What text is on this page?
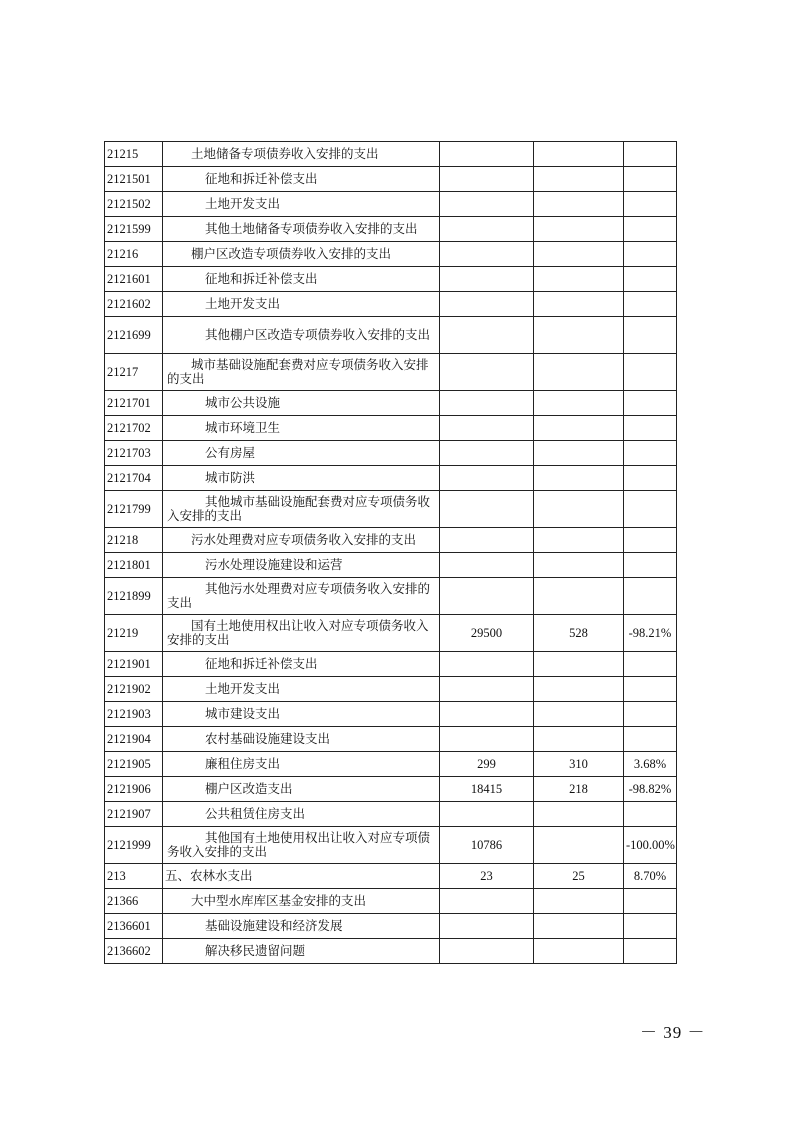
21215	土地储备专项债券收入安排的支出			

2121501	征地和拆迁补偿支出			

2121502	土地开发支出			

2121599	其他土地储备专项债券收入安排的支出			

21216	棚户区改造专项债券收入安排的支出			

2121601	征地和拆迁补偿支出			

2121602	土地开发支出			

2121699	其他棚户区改造专项债券收入安排的支出			

21217	城市基础设施配套费对应专项债务收入安排的支出			

2121701	城市公共设施			

2121702	城市环境卫生			

2121703	公有房屋			

2121704	城市防洪			

2121799	其他城市基础设施配套费对应专项债务收入安排的支出			

21218	污水处理费对应专项债务收入安排的支出			

2121801	污水处理设施建设和运营			

2121899	其他污水处理费对应专项债务收入安排的支出			

21219	国有土地使用权出让收入对应专项债务收入安排的支出	29500	528	-98.21%
2121901	征地和拆迁补偿支出			

2121902	土地开发支出			

2121903	城市建设支出			

2121904	农村基础设施建设支出			

2121905	廉租住房支出	299	310	3.68%
2121906	棚户区改造支出	18415	218	-98.82%
2121907	公共租赁住房支出			

2121999	其他国有土地使用权出让收入对应专项债务收入安排的支出	10786		-100.00%
213	五、农林水支出	23	25	8.70%
21366	大中型水库库区基金安排的支出			

2136601	基础设施建设和经济发展			

2136602	解决移民遗留问题			

－ 39 －
